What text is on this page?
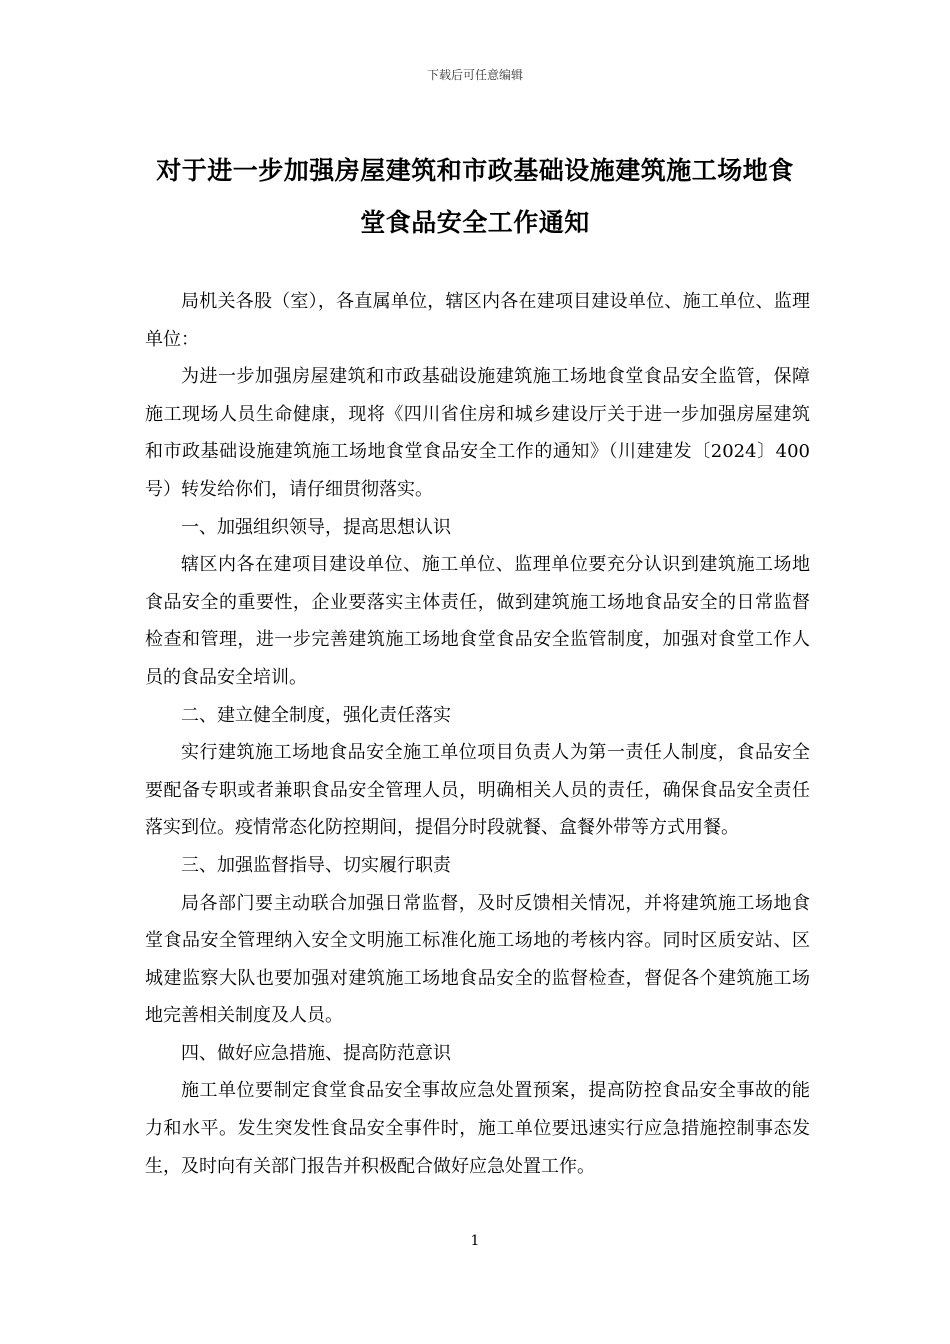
下载后可任意编辑
对于进一步加强房屋建筑和市政基础设施建筑施工场地食
堂食品安全工作通知

局机关各股（室），各直属单位，辖区内各在建项目建设单位、施工单位、监理单位：

为进一步加强房屋建筑和市政基础设施建筑施工场地食堂食品安全监管，保障施工现场人员生命健康，现将《四川省住房和城乡建设厅关于进一步加强房屋建筑和市政基础设施建筑施工场地食堂食品安全工作的通知》（川建建发〔2024〕400号）转发给你们，请仔细贯彻落实。

一、加强组织领导，提高思想认识

辖区内各在建项目建设单位、施工单位、监理单位要充分认识到建筑施工场地食品安全的重要性，企业要落实主体责任，做到建筑施工场地食品安全的日常监督检查和管理，进一步完善建筑施工场地食堂食品安全监管制度，加强对食堂工作人员的食品安全培训。

二、建立健全制度，强化责任落实

实行建筑施工场地食品安全施工单位项目负责人为第一责任人制度，食品安全要配备专职或者兼职食品安全管理人员，明确相关人员的责任，确保食品安全责任落实到位。疫情常态化防控期间，提倡分时段就餐、盒餐外带等方式用餐。

三、加强监督指导、切实履行职责

局各部门要主动联合加强日常监督，及时反馈相关情况，并将建筑施工场地食堂食品安全管理纳入安全文明施工标准化施工场地的考核内容。同时区质安站、区城建监察大队也要加强对建筑施工场地食品安全的监督检查，督促各个建筑施工场地完善相关制度及人员。

四、做好应急措施、提高防范意识

施工单位要制定食堂食品安全事故应急处置预案，提高防控食品安全事故的能力和水平。发生突发性食品安全事件时，施工单位要迅速实行应急措施控制事态发生，及时向有关部门报告并积极配合做好应急处置工作。

1
